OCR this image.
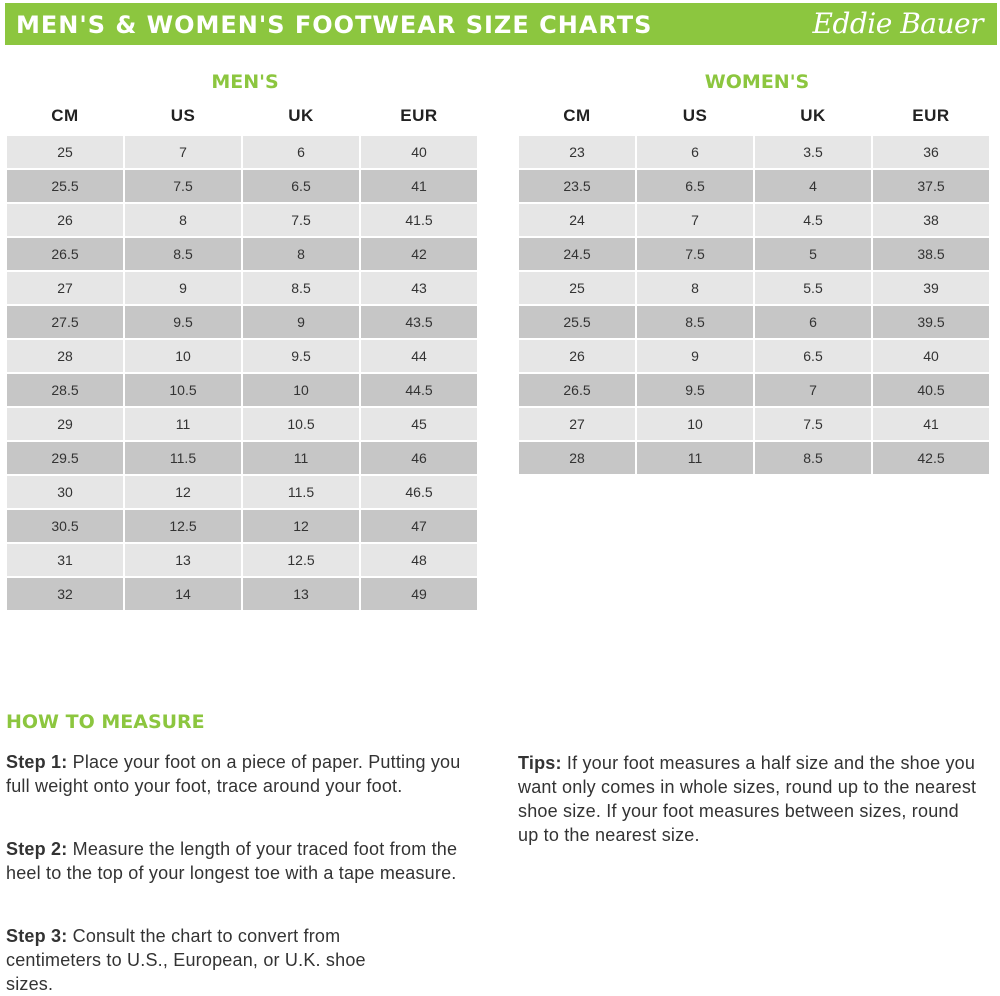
MEN'S & WOMEN'S FOOTWEAR SIZE CHARTS	Eddie Bauer
MEN'S	WOMEN'S
CM	US	UK	EUR
25	7	6	40
25.5	7.5	6.5	41
26	8	7.5	41.5
26.5	8.5	8	42
27	9	8.5	43
27.5	9.5	9	43.5
28	10	9.5	44
28.5	10.5	10	44.5
29	11	10.5	45
29.5	11.5	11	46
30	12	11.5	46.5
30.5	12.5	12	47
31	13	12.5	48
32	14	13	49
CM	US	UK	EUR
23	6	3.5	36
23.5	6.5	4	37.5
24	7	4.5	38
24.5	7.5	5	38.5
25	8	5.5	39
25.5	8.5	6	39.5
26	9	6.5	40
26.5	9.5	7	40.5
27	10	7.5	41
28	11	8.5	42.5
HOW TO MEASURE
Step 1: Place your foot on a piece of paper. Putting you full weight onto your foot, trace around your foot.
Step 2: Measure the length of your traced foot from the heel to the top of your longest toe with a tape measure.
Step 3: Consult the chart to convert from centimeters to U.S., European, or U.K. shoe sizes.
Tips: If your foot measures a half size and the shoe you want only comes in whole sizes, round up to the nearest shoe size. If your foot measures between sizes, round up to the nearest size.
